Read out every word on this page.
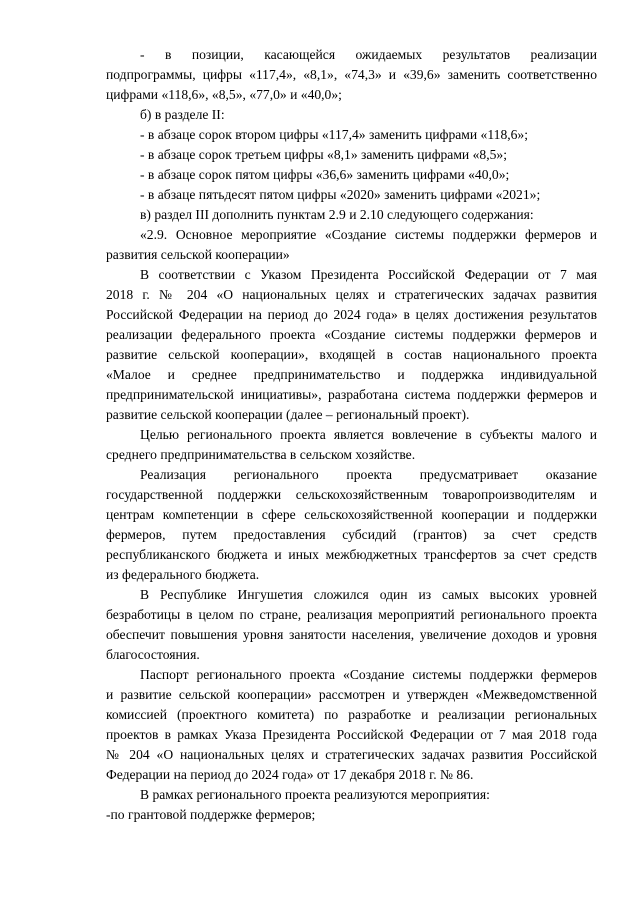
- в позиции, касающейся ожидаемых результатов реализации
подпрограммы, цифры «117,4», «8,1», «74,3» и «39,6» заменить соответственно
цифрами «118,6», «8,5», «77,0» и «40,0»;
б) в разделе II:
- в абзаце сорок втором цифры «117,4» заменить цифрами «118,6»;
- в абзаце сорок третьем цифры «8,1» заменить цифрами «8,5»;
- в абзаце сорок пятом цифры «36,6» заменить цифрами «40,0»;
- в абзаце пятьдесят пятом цифры «2020» заменить цифрами «2021»;
в) раздел III дополнить пунктам 2.9 и 2.10 следующего содержания:
«2.9. Основное мероприятие «Создание системы поддержки фермеров и
развития сельской кооперации»
В соответствии с Указом Президента Российской Федерации от 7 мая
2018 г. № 204 «О национальных целях и стратегических задачах развития
Российской Федерации на период до 2024 года» в целях достижения результатов
реализации федерального проекта «Создание системы поддержки фермеров и
развитие сельской кооперации», входящей в состав национального проекта
«Малое и среднее предпринимательство и поддержка индивидуальной
предпринимательской инициативы», разработана система поддержки фермеров и
развитие сельской кооперации (далее – региональный проект).
Целью регионального проекта является вовлечение в субъекты малого и
среднего предпринимательства в сельском хозяйстве.
Реализация регионального проекта предусматривает оказание
государственной поддержки сельскохозяйственным товаропроизводителям и
центрам компетенции в сфере сельскохозяйственной кооперации и поддержки
фермеров, путем предоставления субсидий (грантов) за счет средств
республиканского бюджета и иных межбюджетных трансфертов за счет средств
из федерального бюджета.
В Республике Ингушетия сложился один из самых высоких уровней
безработицы в целом по стране, реализация мероприятий регионального проекта
обеспечит повышения уровня занятости населения, увеличение доходов и уровня
благосостояния.
Паспорт регионального проекта «Создание системы поддержки фермеров
и развитие сельской кооперации» рассмотрен и утвержден «Межведомственной
комиссией (проектного комитета) по разработке и реализации региональных
проектов в рамках Указа Президента Российской Федерации от 7 мая 2018 года
№ 204 «О национальных целях и стратегических задачах развития Российской
Федерации на период до 2024 года» от 17 декабря 2018 г. № 86.
В рамках регионального проекта реализуются мероприятия:
-по грантовой поддержке фермеров;
